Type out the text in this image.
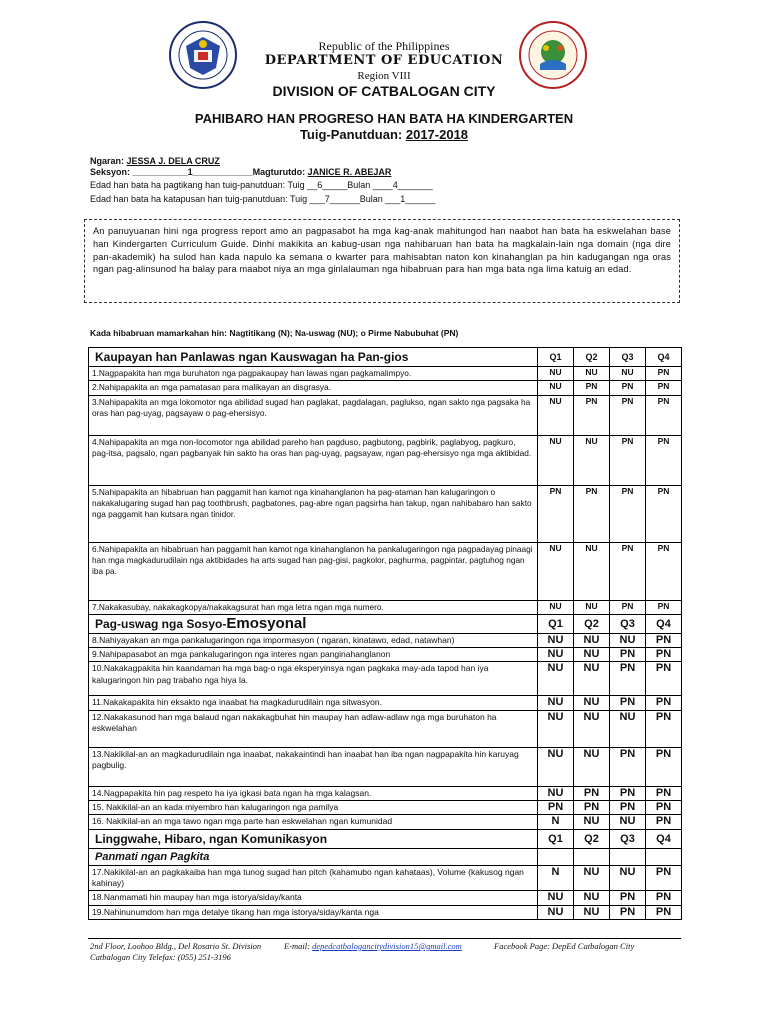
Republic of the Philippines

DEPARTMENT OF EDUCATION

Region VIII

DIVISION OF CATBALOGAN CITY

PAHIBARO HAN PROGRESO HAN BATA HA KINDERGARTEN

Tuig-Panutduan: 2017-2018

Ngaran: JESSA J. DELA CRUZ

Seksyon: ___________1____________Magturutdo: JANICE R. ABEJAR

Edad han bata ha pagtikang han tuig-panutduan: Tuig __6_____Bulan ____4_______

Edad han bata ha katapusan han tuig-panutduan: Tuig ___7______Bulan ___1______

An panuyuanan hini nga progress report amo an pagpasabot ha mga kag-anak mahitungod han naabot han bata ha eskwelahan base han Kindergarten Curriculum Guide. Dinhi makikita an kabug-usan nga nahibaruan han bata ha magkalain-lain nga domain (nga dire pan-akademik) ha sulod han kada napulo ka semana o kwarter para mahisabtan naton kon kinahanglan pa hin kadugangan nga oras ngan pag-alinsunod ha balay para maabot niya an mga ginlalauman nga hibabruan para han mga bata nga lima katuig an edad.

Kada hibabruan mamarkahan hin: Nagtitikang (N); Na-uswag (NU); o Pirme Nabubuhat (PN)

Kaupayan han Panlawas ngan Kauswagan ha Pan-gios	Q1	Q2	Q3	Q4
1.Nagpapakita han mga buruhaton nga pagpakaupay han lawas ngan pagkamalimpyo.	NU	NU	NU	PN
2.Nahipapakita an mga pamatasan para malikayan an disgrasya.	NU	PN	PN	PN
3.Nahipapakita an mga lokomotor nga abilidad sugad han paglakat, pagdalagan, paglukso, ngan sakto nga pagsaka ha oras han pag-uyag, pagsayaw o pag-ehersisyo.	NU	PN	PN	PN
4.Nahipapakita an mga non-locomotor nga abilidad pareho han pagduso, pagbutong, pagbirik, paglabyog, pagkuro, pag-itsa, pagsalo, ngan pagbanyak hin sakto ha oras han pag-uyag, pagsayaw, ngan pag-ehersisyo nga mga aktibidad.	NU	NU	PN	PN
5.Nahipapakita an hibabruan han paggamit han kamot nga kinahanglanon ha pag-ataman han kalugaringon o nakakalugaring sugad han pag toothbrush, pagbatones, pag-abre ngan pagsirha han takup, ngan nahibabaro han sakto nga paggamit han kutsara ngan tinidor.	PN	PN	PN	PN
6.Nahipapakita an hibabruan han paggamit han kamot nga kinahanglanon ha pankalugaringon nga pagpadayag pinaagi han mga magkadurudilain nga aktibidades ha arts sugad han pag-gisi, pagkolor, paghurma, pagpintar, pagtuhog ngan iba pa.	NU	NU	PN	PN
7.Nakakasubay, nakakagkopya/nakakagsurat han mga letra ngan mga numero.	NU	NU	PN	PN
Pag-uswag nga Sosyo-Emosyonal	Q1	Q2	Q3	Q4
8.Nahiyayakan an mga pankalugaringon nga impormasyon ( ngaran, kinatawo, edad, natawhan)	NU	NU	NU	PN
9.Nahipapasabot an mga pankalugaringon nga interes ngan panginahanglanon	NU	NU	PN	PN
10.Nakakagpakita hin kaandaman ha mga bag-o nga eksperyinsya ngan pagkaka may-ada tapod han iya kalugaringon hin pag trabaho nga hiya la.	NU	NU	PN	PN
11.Nakakapakita hin eksakto nga inaabat ha magkadurudilain nga sitwasyon.	NU	NU	PN	PN
12.Nakakasunod han mga balaud ngan nakakagbuhat hin maupay han adlaw-adlaw nga mga buruhaton ha eskwelahan	NU	NU	NU	PN
13.Nakikilal-an an magkadurudilain nga inaabat, nakakaintindi han inaabat han iba ngan nagpapakita hin karuyag pagbulig.	NU	NU	PN	PN
14.Nagpapakita hin pag respeto ha iya igkasi bata ngan ha mga kalagsan.	NU	PN	PN	PN
15. Nakikilal-an an kada miyembro han kalugaringon nga pamilya	PN	PN	PN	PN
16. Nakikilal-an an mga tawo ngan mga parte han eskwelahan ngan kumunidad	N	NU	NU	PN
Linggwahe, Hibaro, ngan Komunikasyon	Q1	Q2	Q3	Q4
Panmati ngan Pagkita				
17.Nakikilal-an an pagkakaiba han mga tunog sugad han pitch (kahamubo ngan kahataas), Volume (kakusog ngan kahinay)	N	NU	NU	PN
18.Nanmamati hin maupay han mga istorya/siday/kanta	NU	NU	PN	PN
19.Nahinunumdom han mga detalye tikang han mga istorya/siday/kanta nga	NU	NU	PN	PN

2nd Floor, Loohoo Bldg., Del Rosario St. Division Catbalogan City Telefax: (055) 251-3196

E-mail: depedcatbalogancitydivision15@gmail.com	Facebook Page: DepEd Catbalogan City
